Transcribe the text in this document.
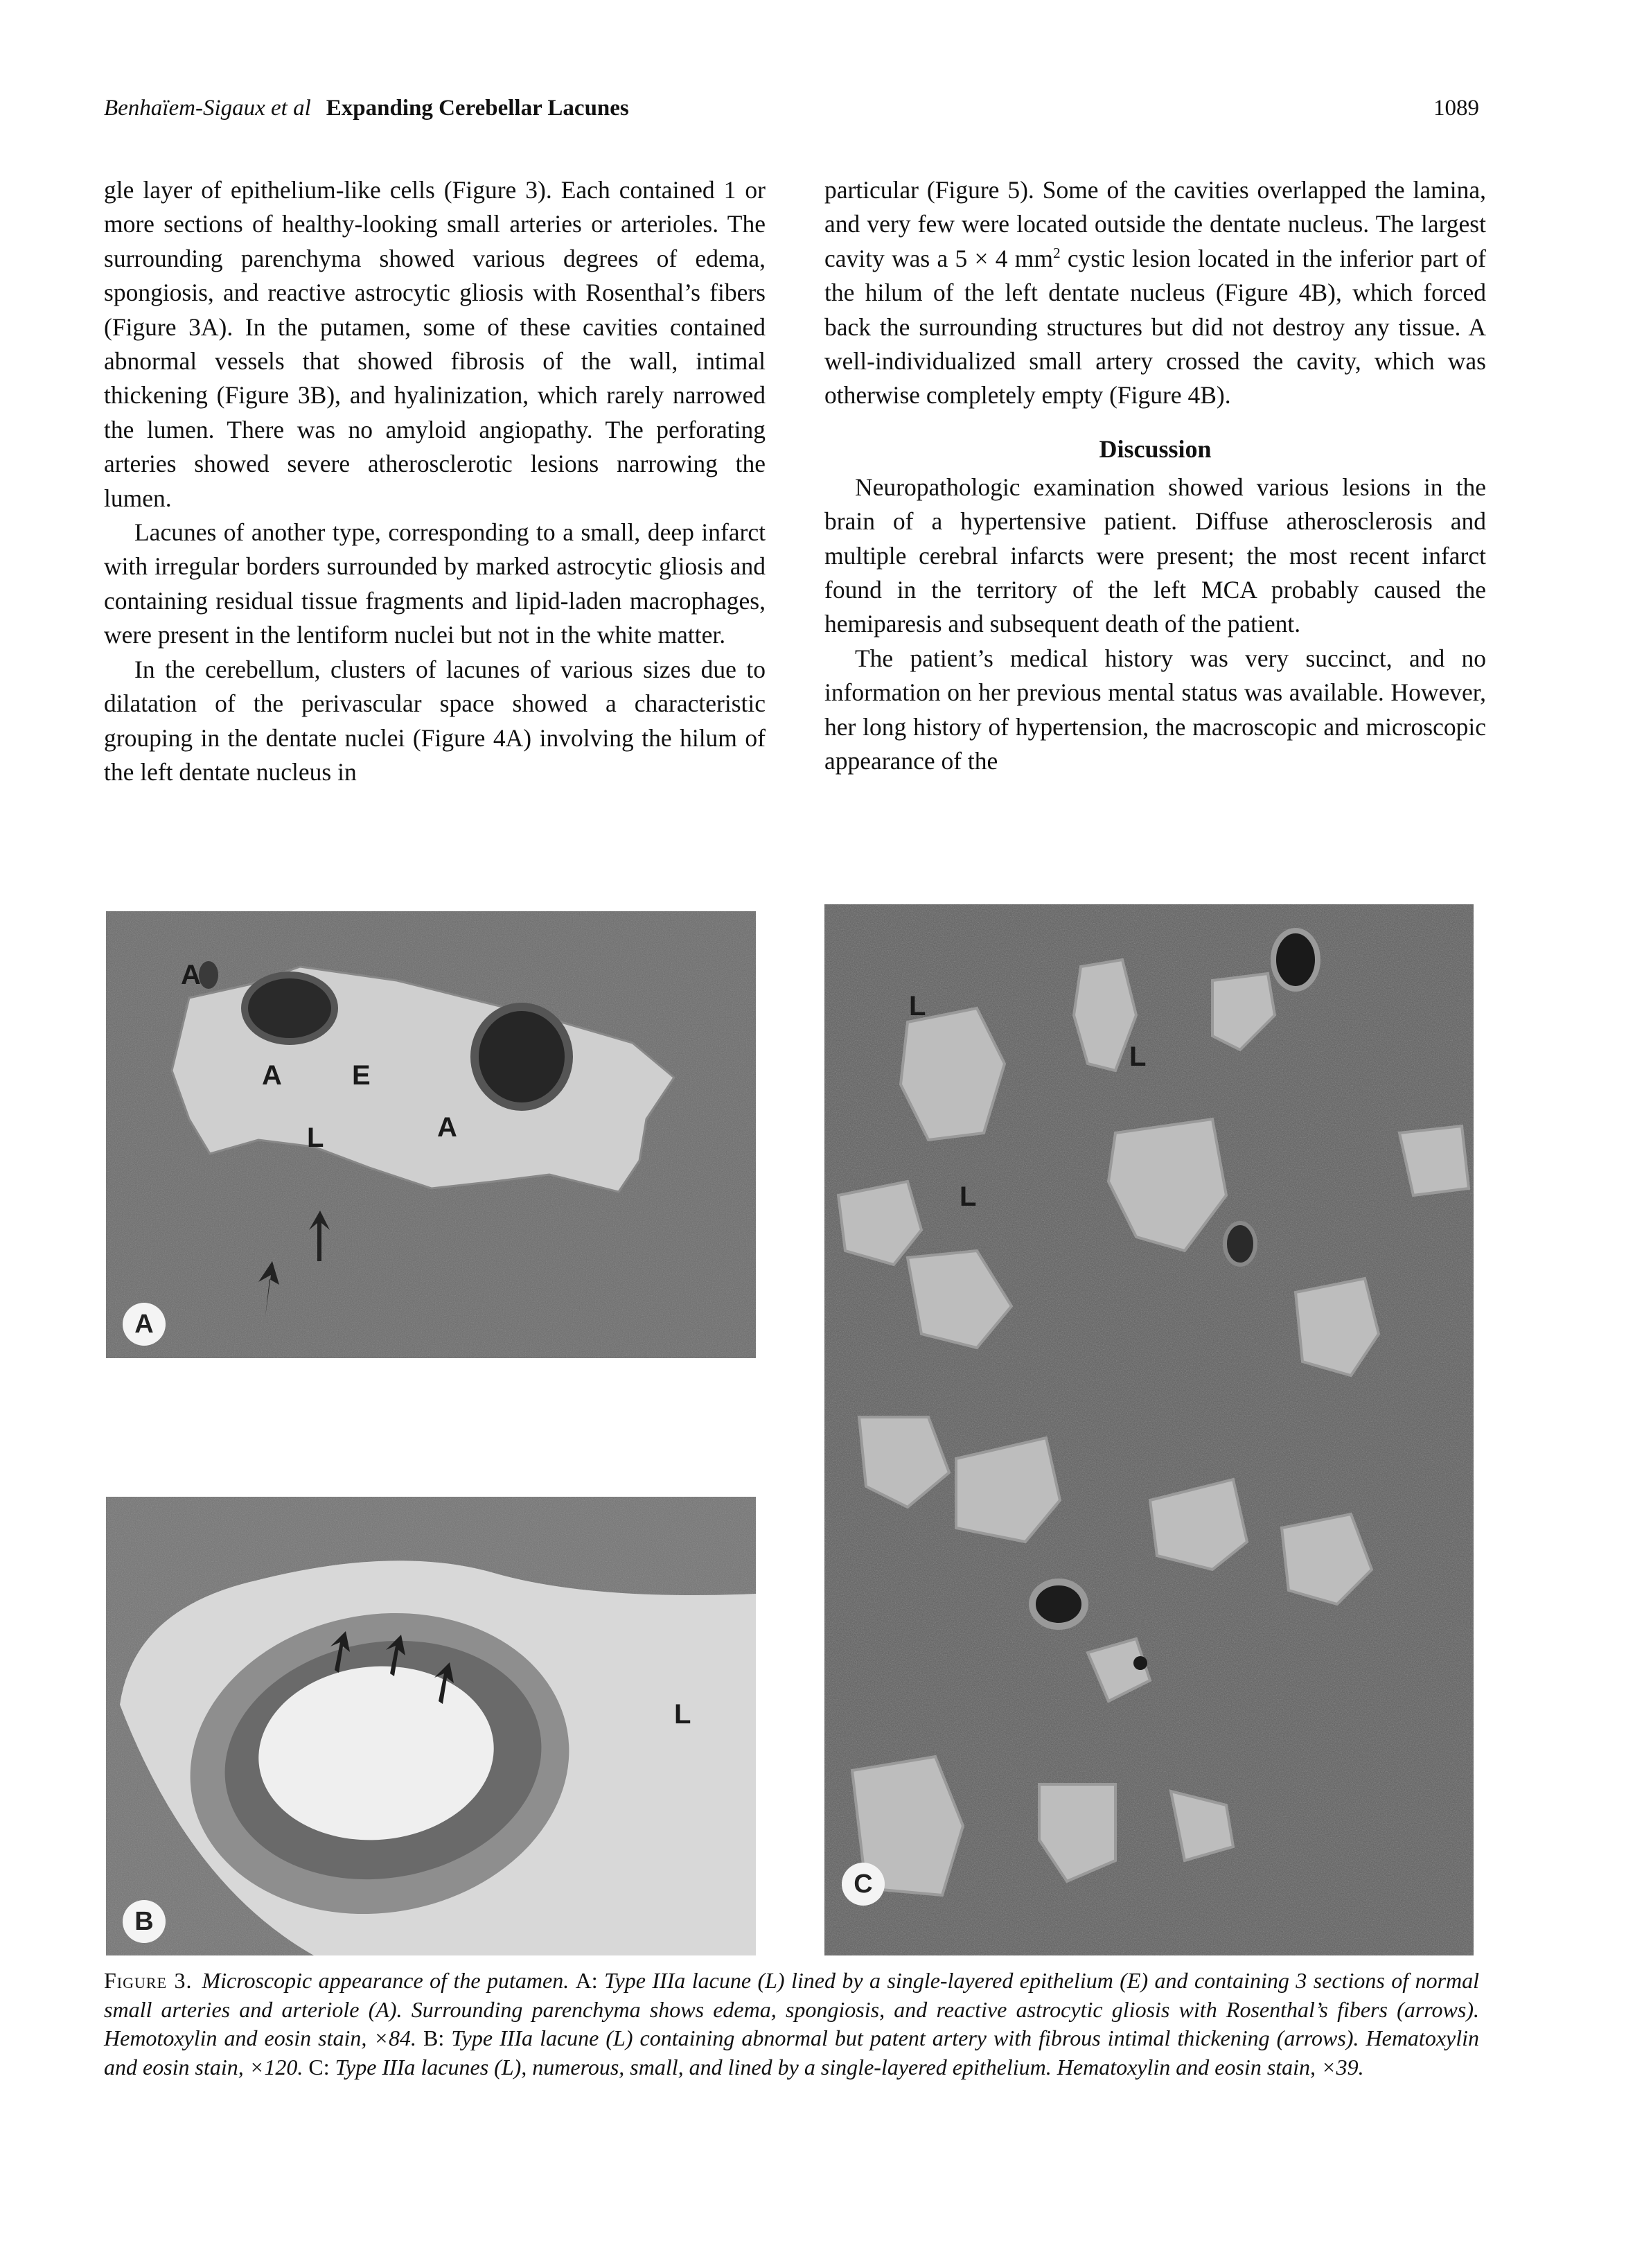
Benhaïem-Sigaux et al Expanding Cerebellar Lacunes	1089

gle layer of epithelium-like cells (Figure 3). Each contained 1 or more sections of healthy-looking small arteries or arterioles. The surrounding parenchyma showed various degrees of edema, spongiosis, and reactive astrocytic gliosis with Rosenthal’s fibers (Figure 3A). In the putamen, some of these cavities contained abnormal vessels that showed fibrosis of the wall, intimal thickening (Figure 3B), and hyalinization, which rarely narrowed the lumen. There was no amyloid angiopathy. The perforating arteries showed severe atherosclerotic lesions narrowing the lumen.

Lacunes of another type, corresponding to a small, deep infarct with irregular borders surrounded by marked astrocytic gliosis and containing residual tissue fragments and lipid-laden macrophages, were present in the lentiform nuclei but not in the white matter.

In the cerebellum, clusters of lacunes of various sizes due to dilatation of the perivascular space showed a characteristic grouping in the dentate nuclei (Figure 4A) involving the hilum of the left dentate nucleus in

particular (Figure 5). Some of the cavities overlapped the lamina, and very few were located outside the dentate nucleus. The largest cavity was a 5 × 4 $mm^2$ cystic lesion located in the inferior part of the hilum of the left dentate nucleus (Figure 4B), which forced back the surrounding structures but did not destroy any tissue. A well-individualized small artery crossed the cavity, which was otherwise completely empty (Figure 4B).

Discussion

Neuropathologic examination showed various lesions in the brain of a hypertensive patient. Diffuse atherosclerosis and multiple cerebral infarcts were present; the most recent infarct found in the territory of the left MCA probably caused the hemiparesis and subsequent death of the patient.

The patient’s medical history was very succinct, and no information on her previous mental status was available. However, her long history of hypertension, the macroscopic and microscopic appearance of the

A
A	E
L	A
A
L
B
L
L
L
C
Figure 3. Microscopic appearance of the putamen. A: Type IIIa lacune (L) lined by a single-layered epithelium (E) and containing 3 sections of normal small arteries and arteriole (A). Surrounding parenchyma shows edema, spongiosis, and reactive astrocytic gliosis with Rosenthal’s fibers (arrows). Hemotoxylin and eosin stain, ×84. B: Type IIIa lacune (L) containing abnormal but patent artery with fibrous intimal thickening (arrows). Hematoxylin and eosin stain, ×120. C: Type IIIa lacunes (L), numerous, small, and lined by a single-layered epithelium. Hematoxylin and eosin stain, ×39.
